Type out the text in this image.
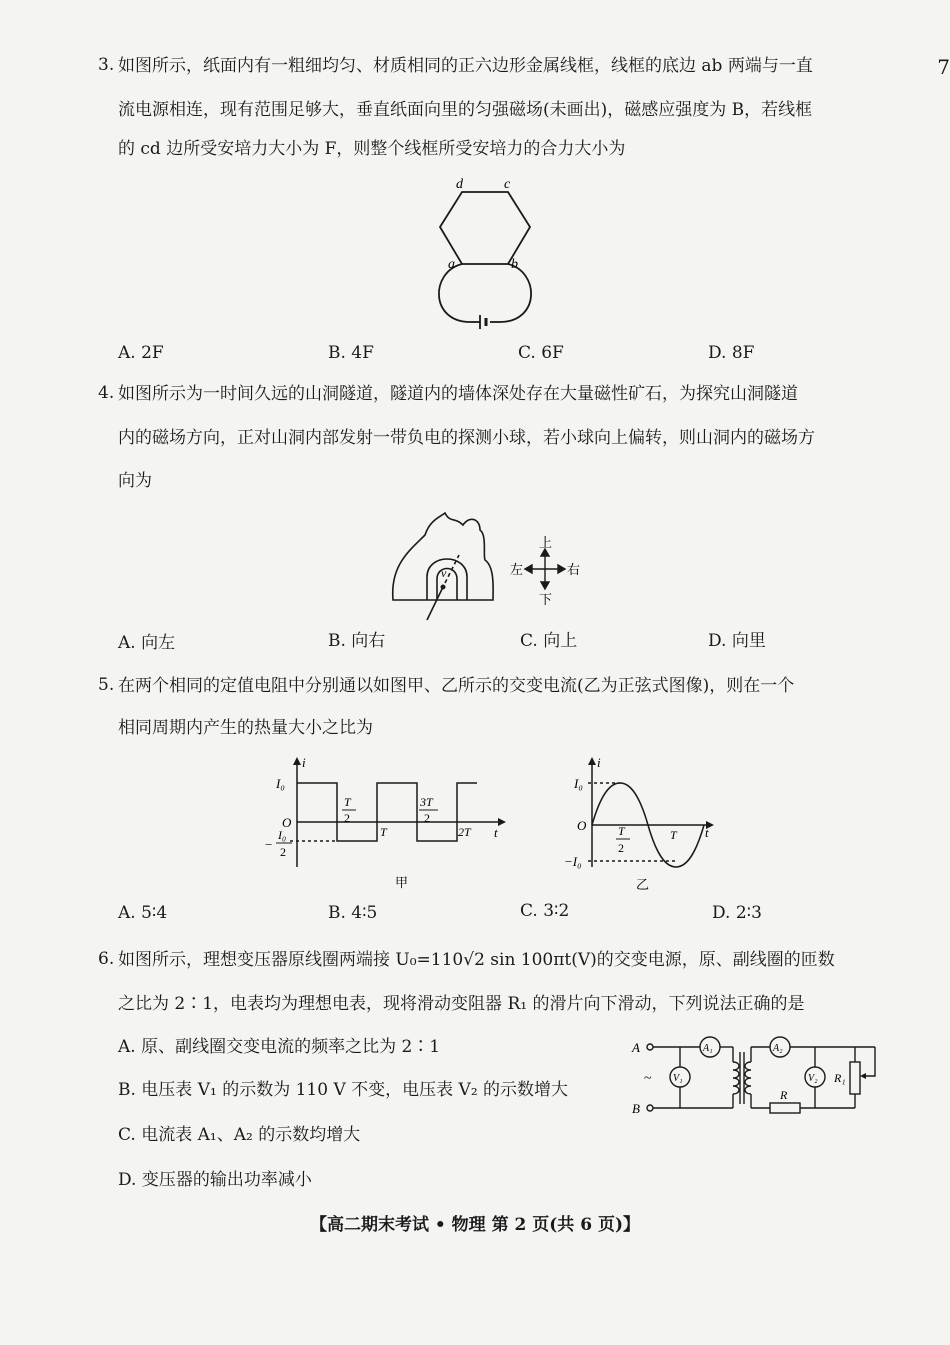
7
3. 如图所示，纸面内有一粗细均匀、材质相同的正六边形金属线框，线框的底边 ab 两端与一直
流电源相连，现有范围足够大，垂直纸面向里的匀强磁场(未画出)，磁感应强度为 B，若线框
的 cd 边所受安培力大小为 F，则整个线框所受安培力的合力大小为
d	c
a	b
A. 2F	B. 4F	C. 6F	D. 8F
4. 如图所示为一时间久远的山洞隧道，隧道内的墙体深处存在大量磁性矿石，为探究山洞隧道
内的磁场方向，正对山洞内部发射一带负电的探测小球，若小球向上偏转，则山洞内的磁场方
向为
v
上
下
左	右
A. 向左	B. 向右	C. 向上	D. 向里
5. 在两个相同的定值电阻中分别通以如图甲、乙所示的交变电流(乙为正弦式图像)，则在一个
相同周期内产生的热量大小之比为
i
t
O
I₀
−
I₀
2
T
2
T
3T
2
2T
甲
i
t
O
I₀
−I₀
T
2
T
乙
A. 5∶4	B. 4∶5	C. 3∶2	D. 2∶3
6. 如图所示，理想变压器原线圈两端接 U₀=110√2 sin 100πt(V)的交变电源，原、副线圈的匝数
之比为 2∶1，电表均为理想电表，现将滑动变阻器 R₁ 的滑片向下滑动，下列说法正确的是
A. 原、副线圈交变电流的频率之比为 2∶1
B. 电压表 V₁ 的示数为 110 V 不变，电压表 V₂ 的示数增大
C. 电流表 A₁、A₂ 的示数均增大
D. 变压器的输出功率减小
A
B
~
A₁
V₁
A₂
V₂
R
R₁
【高二期末考试 • 物理 第 2 页(共 6 页)】
